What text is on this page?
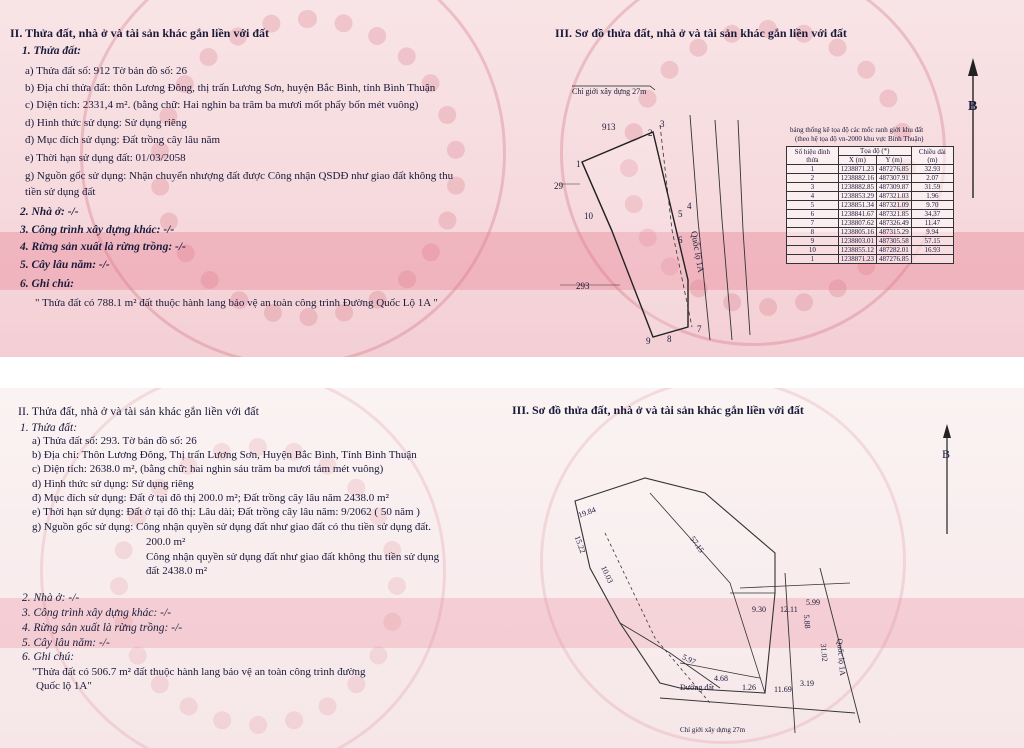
II. Thửa đất, nhà ở và tài sản khác gắn liền với đất
1. Thửa đất:
a) Thửa đất số: 912 Tờ bản đồ số: 26
b) Địa chỉ thửa đất: thôn Lương Đông, thị trấn Lương Sơn, huyện Bắc Bình, tỉnh Bình Thuận
c) Diện tích: 2331,4 m². (bằng chữ: Hai nghìn ba trăm ba mươi mốt phẩy bốn mét vuông)
d) Hình thức sử dụng: Sử dụng riêng
đ) Mục đích sử dụng: Đất trồng cây lâu năm
e) Thời hạn sử dụng đất: 01/03/2058
g) Nguồn gốc sử dụng: Nhận chuyển nhượng đất được Công nhận QSDĐ như giao đất không thu
tiền sử dụng đất
2. Nhà ở: -/-
3. Công trình xây dựng khác: -/-
4. Rừng sản xuất là rừng trồng: -/-
5. Cây lâu năm: -/-
6. Ghi chú:
" Thửa đất có 788.1 m² đất thuộc hành lang bảo vệ an toàn công trình Đường Quốc Lộ 1A "
III. Sơ đồ thửa đất, nhà ở và tài sản khác gắn liền với đất
B
Chỉ giới xây dựng 27m
913
29
293
Quốc lộ 1A
1
2
3
4
5
6
7
8
9
10
bảng thống kê tọa độ các mốc ranh giới khu đất
(theo hệ tọa độ vn-2000 khu vực Bình Thuận)
Số hiệu đỉnh thửa	Tọa độ (*)		Chiều dài (m)
	X (m)	Y (m)	
1	1238871.23	487276.85	32.93
2	1238882.16	487307.91	2.07
3	1238882.85	487309.87	31.59
4	1238853.29	487321.03	1.96
5	1238851.34	487321.09	9.70
6	1238841.67	487321.85	34.37
7	1238807.62	487326.49	11.47
8	1238805.16	487315.29	9.94
9	1238803.01	487305.58	57.15
10	1238855.12	487282.01	16.93
1	1238871.23	487276.85	
II. Thửa đất, nhà ở và tài sản khác gắn liền với đất
1. Thửa đất:
a) Thửa đất số: 293. Tờ bản đồ số: 26
b) Địa chỉ: Thôn Lương Đông, Thị trấn Lương Sơn, Huyện Bắc Bình, Tỉnh Bình Thuận
c) Diện tích: 2638.0 m², (bằng chữ: hai nghìn sáu trăm ba mươi tám mét vuông)
d) Hình thức sử dụng: Sử dụng riêng
đ) Mục đích sử dụng: Đất ở tại đô thị 200.0 m²; Đất trồng cây lâu năm 2438.0 m²
e) Thời hạn sử dụng: Đất ở tại đô thị: Lâu dài; Đất trồng cây lâu năm: 9/2062 ( 50 năm )
g) Nguồn gốc sử dụng: Công nhận quyền sử dụng đất như giao đất có thu tiền sử dụng đất.
200.0 m²
Công nhận quyền sử dụng đất như giao đất không thu tiền sử dụng
đất 2438.0 m²
2. Nhà ở: -/-
3. Công trình xây dựng khác: -/-
4. Rừng sản xuất là rừng trồng: -/-
5. Cây lâu năm: -/-
6. Ghi chú:
"Thửa đất có 506.7 m² đất thuộc hành lang bảo vệ an toàn công trình đường
Quốc lộ 1A"
III. Sơ đồ thửa đất, nhà ở và tài sản khác gắn liền với đất
B
19.84
15.22
10.03
57.15
9.30 12.11
5.99
5.88
31.02
4.68
11.69
3.19
5.97
1.26
Quốc lộ 1A
Đường đất
Chỉ giới xây dựng 27m
